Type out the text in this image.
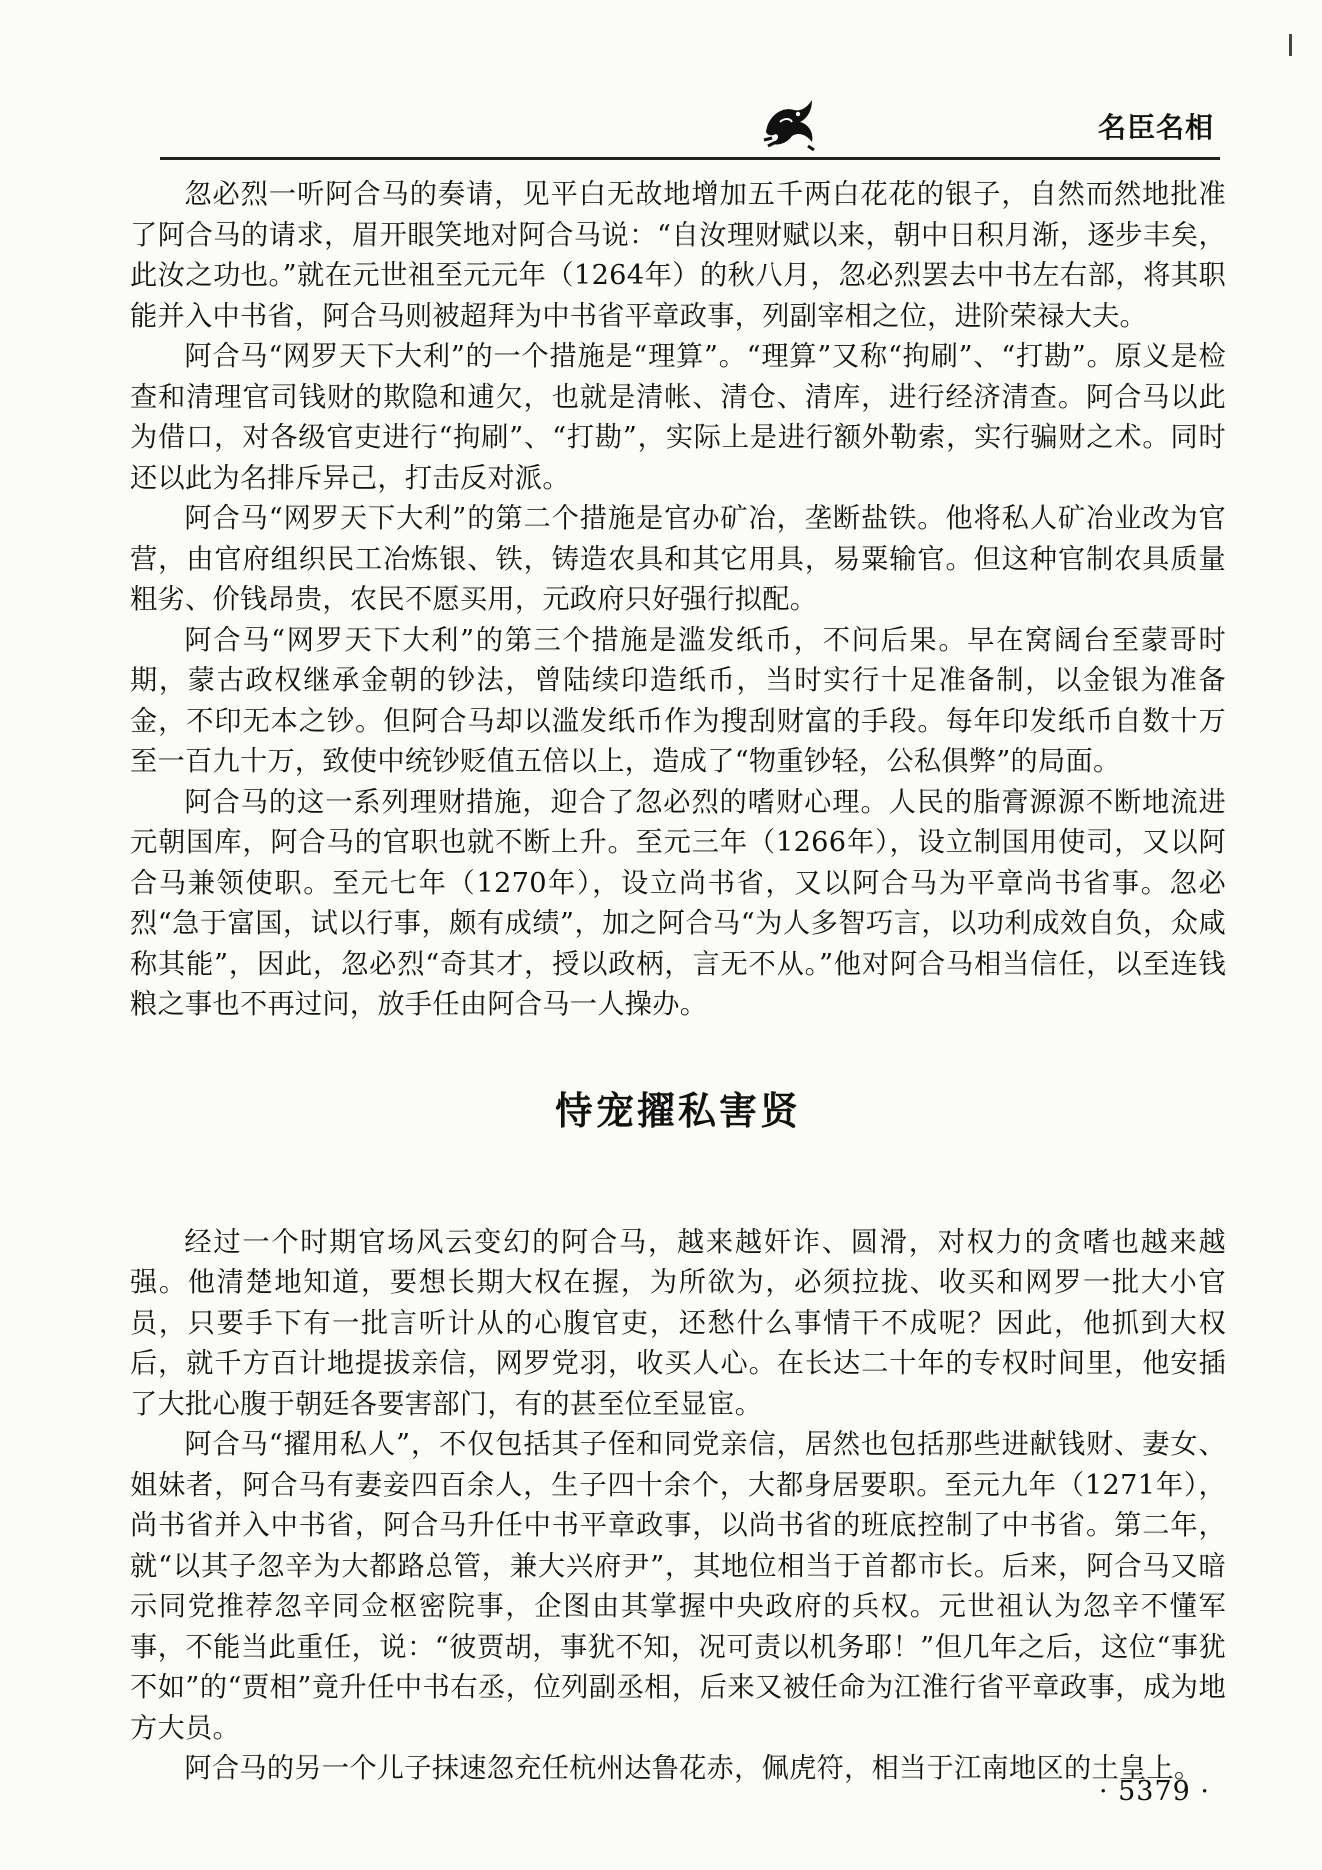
名臣名相

忽必烈一听阿合马的奏请，见平白无故地增加五千两白花花的银子，自然而然地批准了阿合马的请求，眉开眼笑地对阿合马说：“自汝理财赋以来，朝中日积月渐，逐步丰矣，此汝之功也。”就在元世祖至元元年（1264年）的秋八月，忽必烈罢去中书左右部，将其职能并入中书省，阿合马则被超拜为中书省平章政事，列副宰相之位，进阶荣禄大夫。

阿合马“网罗天下大利”的一个措施是“理算”。“理算”又称“拘刷”、“打勘”。原义是检查和清理官司钱财的欺隐和逋欠，也就是清帐、清仓、清库，进行经济清查。阿合马以此为借口，对各级官吏进行“拘刷”、“打勘”，实际上是进行额外勒索，实行骗财之术。同时还以此为名排斥异己，打击反对派。

阿合马“网罗天下大利”的第二个措施是官办矿冶，垄断盐铁。他将私人矿冶业改为官营，由官府组织民工冶炼银、铁，铸造农具和其它用具，易粟输官。但这种官制农具质量粗劣、价钱昂贵，农民不愿买用，元政府只好强行拟配。

阿合马“网罗天下大利”的第三个措施是滥发纸币，不问后果。早在窝阔台至蒙哥时期，蒙古政权继承金朝的钞法，曾陆续印造纸币，当时实行十足准备制，以金银为准备金，不印无本之钞。但阿合马却以滥发纸币作为搜刮财富的手段。每年印发纸币自数十万至一百九十万，致使中统钞贬值五倍以上，造成了“物重钞轻，公私俱弊”的局面。

阿合马的这一系列理财措施，迎合了忽必烈的嗜财心理。人民的脂膏源源不断地流进元朝国库，阿合马的官职也就不断上升。至元三年（1266年），设立制国用使司，又以阿合马兼领使职。至元七年（1270年），设立尚书省，又以阿合马为平章尚书省事。忽必烈“急于富国，试以行事，颇有成绩”，加之阿合马“为人多智巧言，以功利成效自负，众咸称其能”，因此，忽必烈“奇其才，授以政柄，言无不从。”他对阿合马相当信任，以至连钱粮之事也不再过问，放手任由阿合马一人操办。

恃宠擢私害贤

经过一个时期官场风云变幻的阿合马，越来越奸诈、圆滑，对权力的贪嗜也越来越强。他清楚地知道，要想长期大权在握，为所欲为，必须拉拢、收买和网罗一批大小官员，只要手下有一批言听计从的心腹官吏，还愁什么事情干不成呢？因此，他抓到大权后，就千方百计地提拔亲信，网罗党羽，收买人心。在长达二十年的专权时间里，他安插了大批心腹于朝廷各要害部门，有的甚至位至显宦。

阿合马“擢用私人”，不仅包括其子侄和同党亲信，居然也包括那些进献钱财、妻女、姐妹者，阿合马有妻妾四百余人，生子四十余个，大都身居要职。至元九年（1271年），尚书省并入中书省，阿合马升任中书平章政事，以尚书省的班底控制了中书省。第二年，就“以其子忽辛为大都路总管，兼大兴府尹”，其地位相当于首都市长。后来，阿合马又暗示同党推荐忽辛同佥枢密院事，企图由其掌握中央政府的兵权。元世祖认为忽辛不懂军事，不能当此重任，说：“彼贾胡，事犹不知，况可责以机务耶！”但几年之后，这位“事犹不如”的“贾相”竟升任中书右丞，位列副丞相，后来又被任命为江淮行省平章政事，成为地方大员。

阿合马的另一个儿子抹速忽充任杭州达鲁花赤，佩虎符，相当于江南地区的土皇上。

· 5379 ·
